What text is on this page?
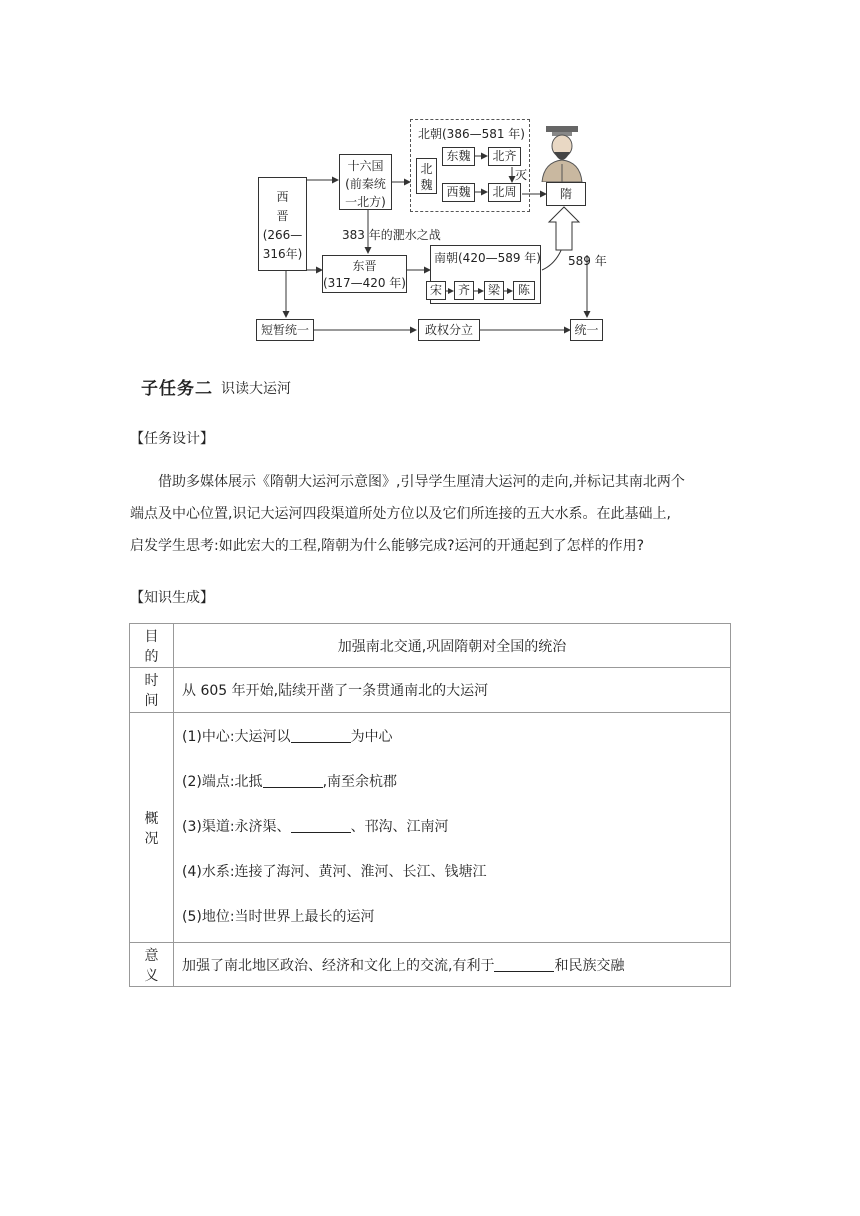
西
晋
(266—
316年)
十六国
(前秦统
一北方)
北朝(386—581 年)
北
魏
东魏	北齐
西魏	北周
灭
隋
383 年的淝水之战
东晋
(317—420 年)
南朝(420—589 年)
宋	齐	梁	陈
589 年
短暂统一	政权分立	统一
子任务二 识读大运河
【任务设计】
借助多媒体展示《隋朝大运河示意图》,引导学生厘清大运河的走向,并标记其南北两个
端点及中心位置,识记大运河四段渠道所处方位以及它们所连接的五大水系。在此基础上,
启发学生思考:如此宏大的工程,隋朝为什么能够完成?运河的开通起到了怎样的作用?
【知识生成】
目的	加强南北交通,巩固隋朝对全国的统治
时间	从 605 年开始,陆续开凿了一条贯通南北的大运河
概况	(1)中心:大运河以 为中心
(2)端点:北抵 ,南至余杭郡
(3)渠道:永济渠、 、邗沟、江南河
(4)水系:连接了海河、黄河、淮河、长江、钱塘江
(5)地位:当时世界上最长的运河

意义	加强了南北地区政治、经济和文化上的交流,有利于 和民族交融
